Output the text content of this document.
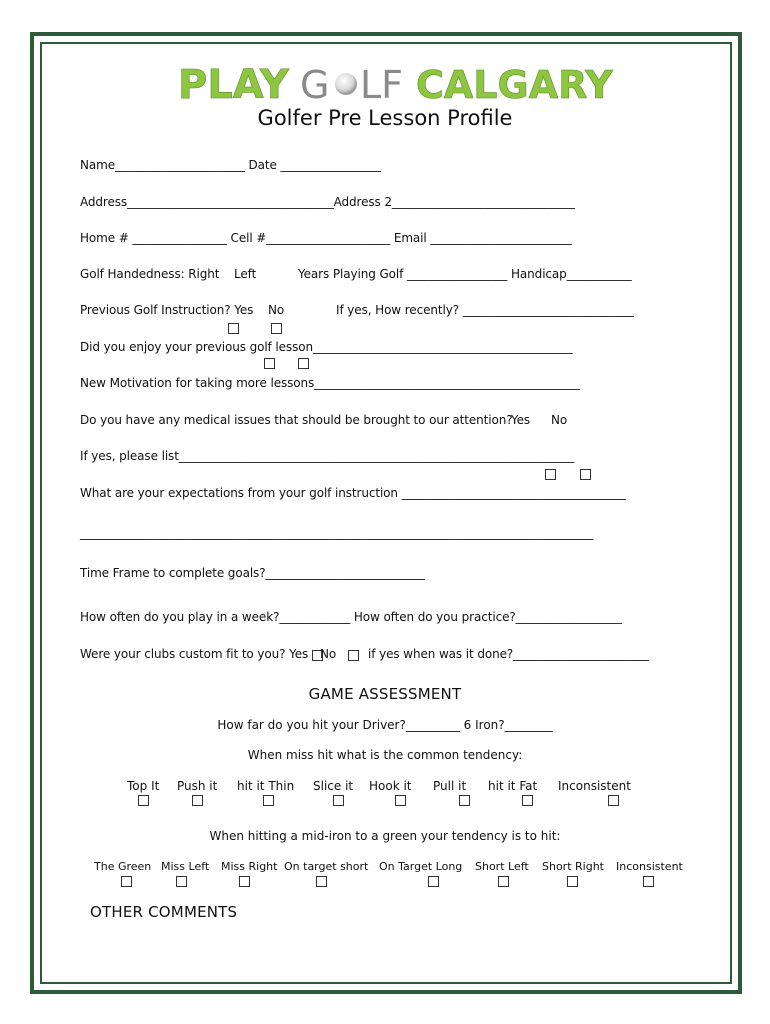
PLAY G LF CALGARY
Golfer Pre Lesson Profile
Name______________________ Date _________________
Address___________________________________Address 2_______________________________
Home # ________________ Cell #_____________________ Email ________________________
Golf Handedness: Right Left	Years Playing Golf _________________ Handicap___________
Previous Golf Instruction? Yes No	If yes, How recently? _____________________________
Did you enjoy your previous golf lesson____________________________________________
New Motivation for taking more lessons_____________________________________________
Do you have any medical issues that should be brought to our attention?
Yes No
If yes, please list___________________________________________________________________
What are your expectations from your golf instruction ______________________________________
_______________________________________________________________________________________
Time Frame to complete goals?___________________________
How often do you play in a week?____________ How often do you practice?__________________
Were your clubs custom fit to you? Yes No	if yes when was it done?_______________________
GAME ASSESSMENT
How far do you hit your Driver?_________ 6 Iron?________
When miss hit what is the common tendency:
Top It Push it hit it Thin Slice it Hook it Pull it hit it Fat Inconsistent
When hitting a mid-iron to a green your tendency is to hit:
The Green Miss Left Miss Right On target short On Target Long Short Left Short Right Inconsistent
OTHER COMMENTS
